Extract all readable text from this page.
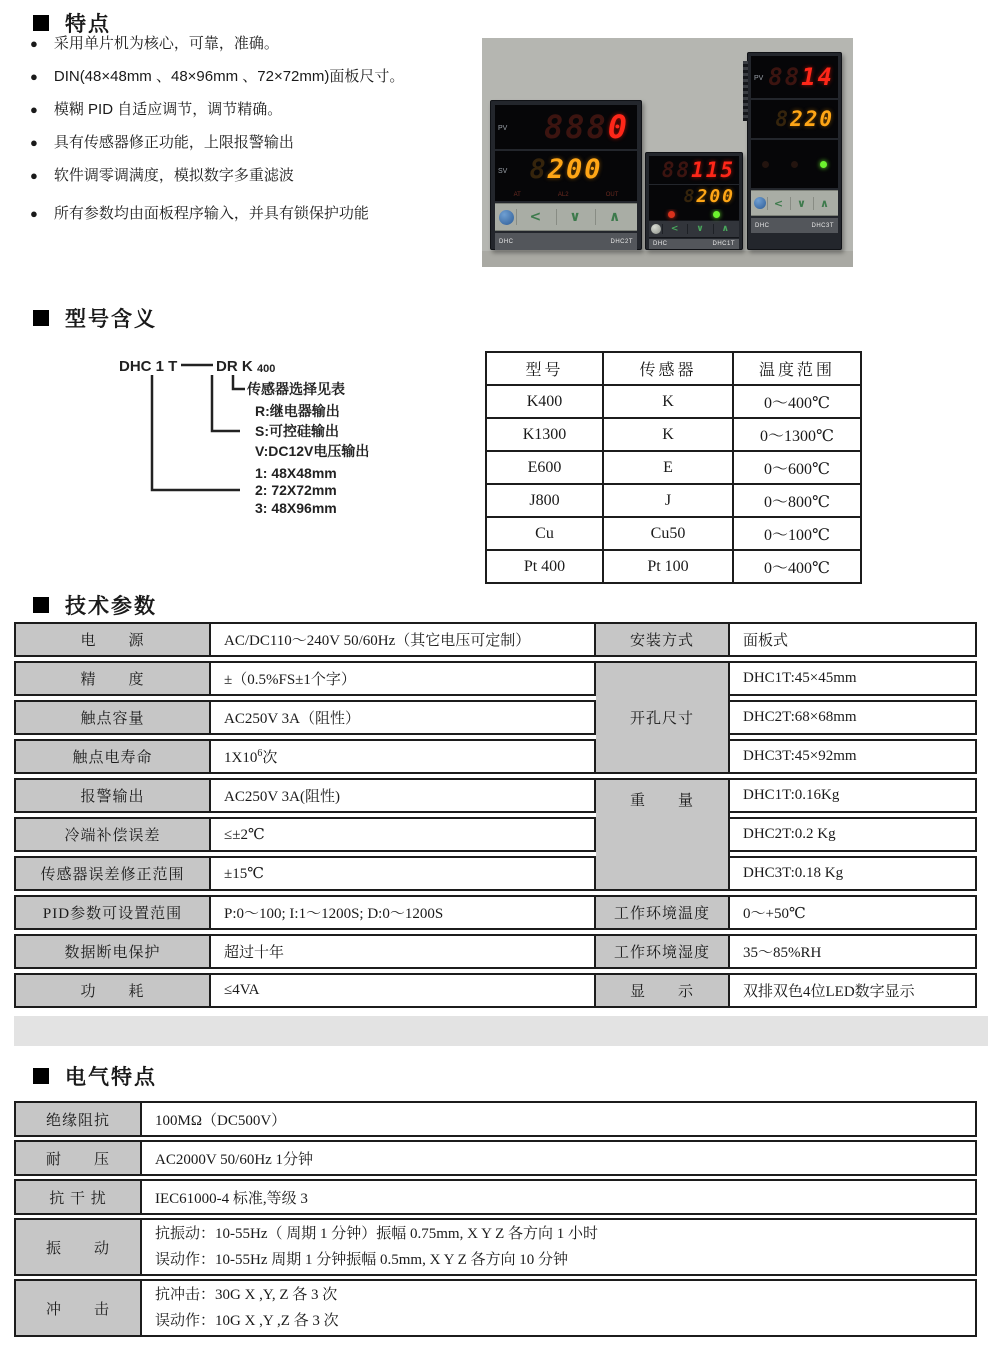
特点
● 采用单片机为核心，可靠，准确。
● DIN(48×48mm 、48×96mm 、72×72mm)面板尺寸。
● 模糊 PID 自适应调节，调节精确。
● 具有传感器修正功能，上限报警输出
● 软件调零调满度，模拟数字多重滤波
● 所有参数均由面板程序输入，并具有锁保护功能
PV 8880
SV 8200
AT	AL2	OUT
<	∨	∧
DHC	DHC2T
88115
8200
<	∨	∧
DHC	DHC1T
PV 8814
8220
<	∨	∧
DHC	DHC3T
型号含义
DHC 1 T	DR K 400
传感器选择见表
R:继电器输出
S:可控硅输出
V:DC12V电压输出
1: 48X48mm
2: 72X72mm
3: 48X96mm
型号	传感器	温度范围
K400	K	0～400℃
K1300	K	0～1300℃
E600	E	0～600℃
J800	J	0～800℃
Cu	Cu50	0～100℃
Pt 400	Pt 100	0～400℃
技术参数
电　　源	AC/DC110～240V 50/60Hz（其它电压可定制）	安装方式	面板式
精　　度	±（0.5%FS±1个字）	开孔尺寸	DHC1T:45×45mm
触点容量	AC250V 3A（阻性）		DHC2T:68×68mm
触点电寿命	$1X10^6$次		DHC3T:45×92mm
报警输出	AC250V 3A(阻性)	重　　量	DHC1T:0.16Kg
冷端补偿误差	≤±2℃		DHC2T:0.2 Kg
传感器误差修正范围	±15℃		DHC3T:0.18 Kg
PID参数可设置范围	P:0～100; I:1～1200S; D:0～1200S	工作环境温度	0～+50℃
数据断电保护	超过十年	工作环境湿度	35～85%RH
功　　耗	≤4VA	显　　示	双排双色4位LED数字显示
电气特点
绝缘阻抗	100MΩ（DC500V）
耐　　压	AC2000V 50/60Hz 1分钟
抗 干 扰	IEC61000-4 标准,等级 3
振　　动	抗振动：10-55Hz（ 周期 1 分钟）振幅 0.75mm, X Y Z 各方向 1 小时
误动作：10-55Hz 周期 1 分钟振幅 0.5mm, X Y Z 各方向 10 分钟

冲　　击	抗冲击：30G X ,Y, Z 各 3 次
误动作：10G X ,Y ,Z 各 3 次
